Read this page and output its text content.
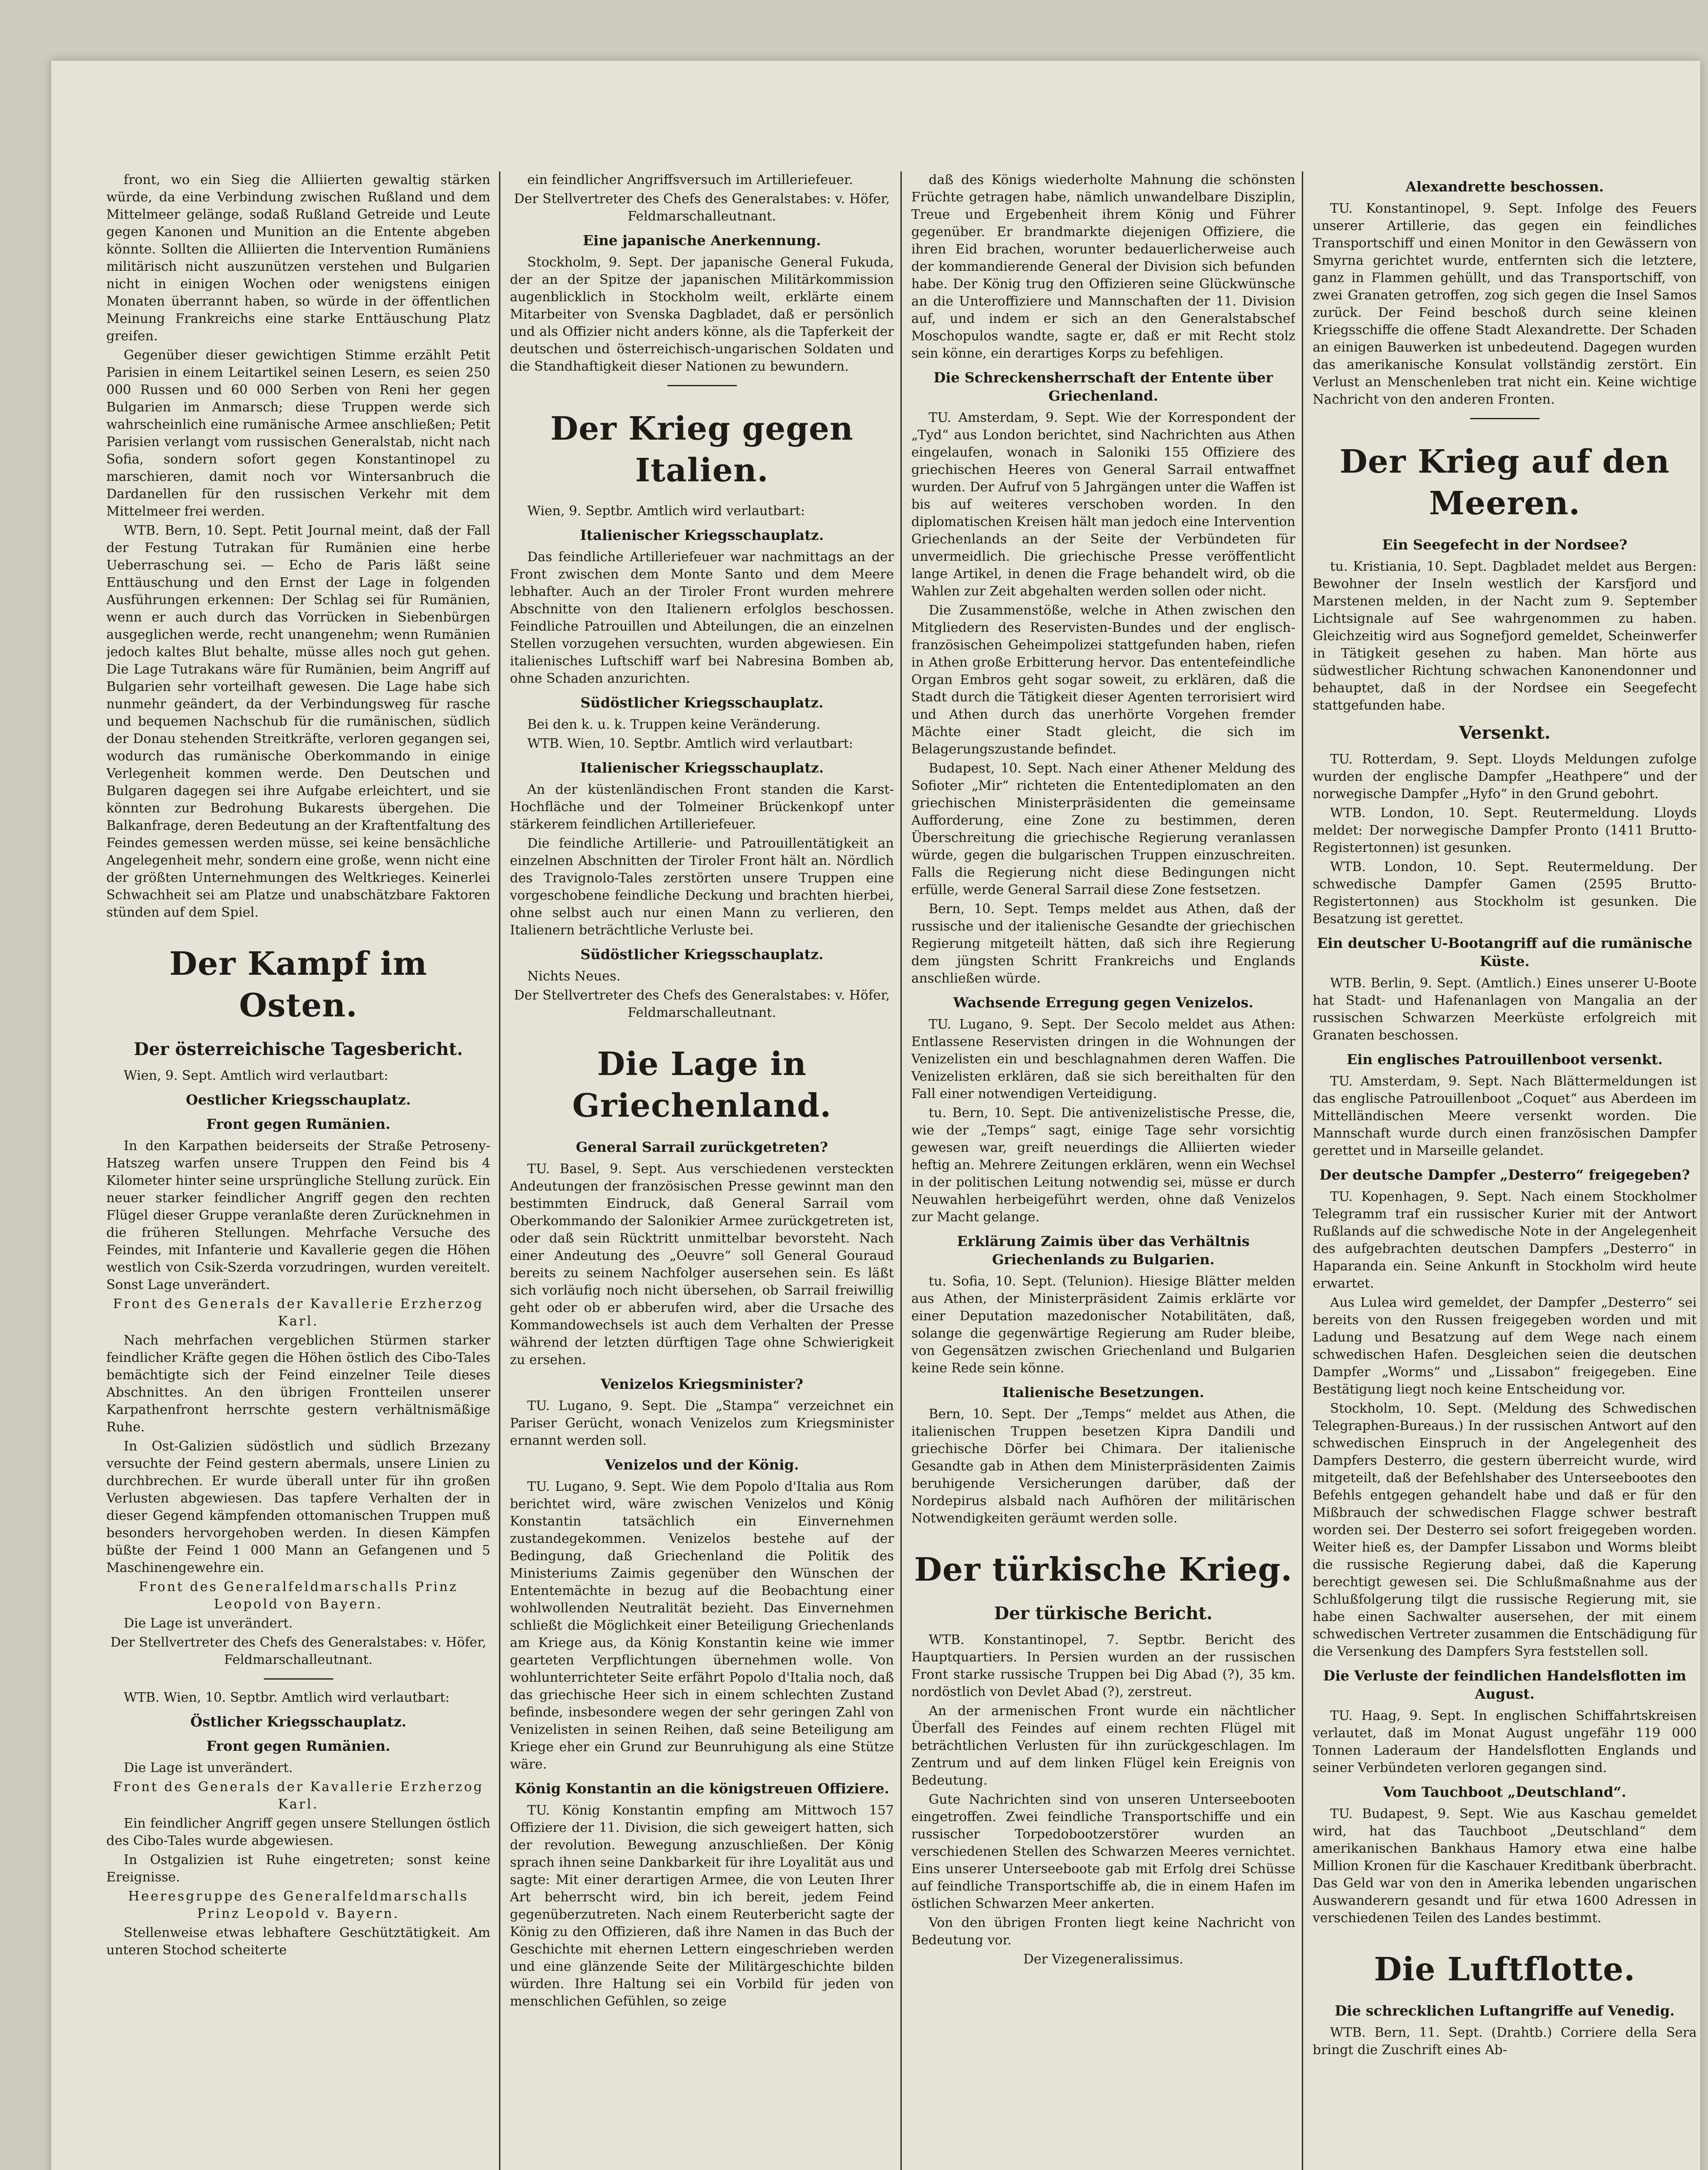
front, wo ein Sieg die Alliierten gewaltig stärken würde, da eine Verbindung zwischen Rußland und dem Mittelmeer gelänge, sodaß Rußland Getreide und Leute gegen Kanonen und Munition an die Entente abgeben könnte. Sollten die Alliierten die Intervention Rumäniens militärisch nicht auszunützen verstehen und Bulgarien nicht in einigen Wochen oder wenigstens einigen Monaten überrannt haben, so würde in der öffentlichen Meinung Frankreichs eine starke Enttäuschung Platz greifen.

Gegenüber dieser gewichtigen Stimme erzählt Petit Parisien in einem Leitartikel seinen Lesern, es seien 250 000 Russen und 60 000 Serben von Reni her gegen Bulgarien im Anmarsch; diese Truppen werde sich wahrscheinlich eine rumänische Armee anschließen; Petit Parisien verlangt vom russischen Generalstab, nicht nach Sofia, sondern sofort gegen Konstantinopel zu marschieren, damit noch vor Wintersanbruch die Dardanellen für den russischen Verkehr mit dem Mittelmeer frei werden.

WTB. Bern, 10. Sept. Petit Journal meint, daß der Fall der Festung Tutrakan für Rumänien eine herbe Ueberraschung sei. — Echo de Paris läßt seine Enttäuschung und den Ernst der Lage in folgenden Ausführungen erkennen: Der Schlag sei für Rumänien, wenn er auch durch das Vorrücken in Siebenbürgen ausgeglichen werde, recht unangenehm; wenn Rumänien jedoch kaltes Blut behalte, müsse alles noch gut gehen. Die Lage Tutrakans wäre für Rumänien, beim Angriff auf Bulgarien sehr vorteilhaft gewesen. Die Lage habe sich nunmehr geändert, da der Verbindungsweg für rasche und bequemen Nachschub für die rumänischen, südlich der Donau stehenden Streitkräfte, verloren gegangen sei, wodurch das rumänische Oberkommando in einige Verlegenheit kommen werde. Den Deutschen und Bulgaren dagegen sei ihre Aufgabe erleichtert, und sie könnten zur Bedrohung Bukarests übergehen. Die Balkanfrage, deren Bedeutung an der Kraftentfaltung des Feindes gemessen werden müsse, sei keine bensächliche Angelegenheit mehr, sondern eine große, wenn nicht eine der größten Unternehmungen des Weltkrieges. Keinerlei Schwachheit sei am Platze und unabschätzbare Faktoren stünden auf dem Spiel.

Der Kampf im Osten.
Der österreichische Tagesbericht.

Wien, 9. Sept. Amtlich wird verlautbart:

Oestlicher Kriegsschauplatz.
Front gegen Rumänien.

In den Karpathen beiderseits der Straße Petroseny-Hatszeg warfen unsere Truppen den Feind bis 4 Kilometer hinter seine ursprüngliche Stellung zurück. Ein neuer starker feindlicher Angriff gegen den rechten Flügel dieser Gruppe veranlaßte deren Zurücknehmen in die früheren Stellungen. Mehrfache Versuche des Feindes, mit Infanterie und Kavallerie gegen die Höhen westlich von Csik-Szerda vorzudringen, wurden vereitelt. Sonst Lage unverändert.

Front des Generals der Kavallerie Erzherzog Karl.

Nach mehrfachen vergeblichen Stürmen starker feindlicher Kräfte gegen die Höhen östlich des Cibo-Tales bemächtigte sich der Feind einzelner Teile dieses Abschnittes. An den übrigen Frontteilen unserer Karpathenfront herrschte gestern verhältnismäßige Ruhe.

In Ost-Galizien südöstlich und südlich Brzezany versuchte der Feind gestern abermals, unsere Linien zu durchbrechen. Er wurde überall unter für ihn großen Verlusten abgewiesen. Das tapfere Verhalten der in dieser Gegend kämpfenden ottomanischen Truppen muß besonders hervorgehoben werden. In diesen Kämpfen büßte der Feind 1 000 Mann an Gefangenen und 5 Maschinengewehre ein.

Front des Generalfeldmarschalls Prinz Leopold von Bayern.

Die Lage ist unverändert.

Der Stellvertreter des Chefs des Generalstabes: v. Höfer, Feldmarschalleutnant.

WTB. Wien, 10. Septbr. Amtlich wird verlautbart:

Östlicher Kriegsschauplatz.
Front gegen Rumänien.

Die Lage ist unverändert.

Front des Generals der Kavallerie Erzherzog Karl.

Ein feindlicher Angriff gegen unsere Stellungen östlich des Cibo-Tales wurde abgewiesen.

In Ostgalizien ist Ruhe eingetreten; sonst keine Ereignisse.

Heeresgruppe des Generalfeldmarschalls Prinz Leopold v. Bayern.

Stellenweise etwas lebhaftere Geschütztätigkeit. Am unteren Stochod scheiterte

ein feindlicher Angriffsversuch im Artilleriefeuer.

Der Stellvertreter des Chefs des Generalstabes: v. Höfer, Feldmarschalleutnant.

Eine japanische Anerkennung.

Stockholm, 9. Sept. Der japanische General Fukuda, der an der Spitze der japanischen Militärkommission augenblicklich in Stockholm weilt, erklärte einem Mitarbeiter von Svenska Dagbladet, daß er persönlich und als Offizier nicht anders könne, als die Tapferkeit der deutschen und österreichisch-ungarischen Soldaten und die Standhaftigkeit dieser Nationen zu bewundern.

Der Krieg gegen Italien.

Wien, 9. Septbr. Amtlich wird verlautbart:

Italienischer Kriegsschauplatz.

Das feindliche Artilleriefeuer war nachmittags an der Front zwischen dem Monte Santo und dem Meere lebhafter. Auch an der Tiroler Front wurden mehrere Abschnitte von den Italienern erfolglos beschossen. Feindliche Patrouillen und Abteilungen, die an einzelnen Stellen vorzugehen versuchten, wurden abgewiesen. Ein italienisches Luftschiff warf bei Nabresina Bomben ab, ohne Schaden anzurichten.

Südöstlicher Kriegsschauplatz.

Bei den k. u. k. Truppen keine Veränderung.

WTB. Wien, 10. Septbr. Amtlich wird verlautbart:

Italienischer Kriegsschauplatz.

An der küstenländischen Front standen die Karst-Hochfläche und der Tolmeiner Brückenkopf unter stärkerem feindlichen Artilleriefeuer.

Die feindliche Artillerie- und Patrouillentätigkeit an einzelnen Abschnitten der Tiroler Front hält an. Nördlich des Travignolo-Tales zerstörten unsere Truppen eine vorgeschobene feindliche Deckung und brachten hierbei, ohne selbst auch nur einen Mann zu verlieren, den Italienern beträchtliche Verluste bei.

Südöstlicher Kriegsschauplatz.

Nichts Neues.

Der Stellvertreter des Chefs des Generalstabes: v. Höfer, Feldmarschalleutnant.

Die Lage in Griechenland.
General Sarrail zurückgetreten?

TU. Basel, 9. Sept. Aus verschiedenen versteckten Andeutungen der französischen Presse gewinnt man den bestimmten Eindruck, daß General Sarrail vom Oberkommando der Salonikier Armee zurückgetreten ist, oder daß sein Rücktritt unmittelbar bevorsteht. Nach einer Andeutung des „Oeuvre“ soll General Gouraud bereits zu seinem Nachfolger ausersehen sein. Es läßt sich vorläufig noch nicht übersehen, ob Sarrail freiwillig geht oder ob er abberufen wird, aber die Ursache des Kommandowechsels ist auch dem Verhalten der Presse während der letzten dürftigen Tage ohne Schwierigkeit zu ersehen.

Venizelos Kriegsminister?

TU. Lugano, 9. Sept. Die „Stampa“ verzeichnet ein Pariser Gerücht, wonach Venizelos zum Kriegsminister ernannt werden soll.

Venizelos und der König.

TU. Lugano, 9. Sept. Wie dem Popolo d'Italia aus Rom berichtet wird, wäre zwischen Venizelos und König Konstantin tatsächlich ein Einvernehmen zustandegekommen. Venizelos bestehe auf der Bedingung, daß Griechenland die Politik des Ministeriums Zaimis gegenüber den Wünschen der Ententemächte in bezug auf die Beobachtung einer wohlwollenden Neutralität bezieht. Das Einvernehmen schließt die Möglichkeit einer Beteiligung Griechenlands am Kriege aus, da König Konstantin keine wie immer gearteten Verpflichtungen übernehmen wolle. Von wohlunterrichteter Seite erfährt Popolo d'Italia noch, daß das griechische Heer sich in einem schlechten Zustand befinde, insbesondere wegen der sehr geringen Zahl von Venizelisten in seinen Reihen, daß seine Beteiligung am Kriege eher ein Grund zur Beunruhigung als eine Stütze wäre.

König Konstantin an die königstreuen Offiziere.

TU. König Konstantin empfing am Mittwoch 157 Offiziere der 11. Division, die sich geweigert hatten, sich der revolution. Bewegung anzuschließen. Der König sprach ihnen seine Dankbarkeit für ihre Loyalität aus und sagte: Mit einer derartigen Armee, die von Leuten Ihrer Art beherrscht wird, bin ich bereit, jedem Feind gegenüberzutreten. Nach einem Reuterbericht sagte der König zu den Offizieren, daß ihre Namen in das Buch der Geschichte mit ehernen Lettern eingeschrieben werden und eine glänzende Seite der Militärgeschichte bilden würden. Ihre Haltung sei ein Vorbild für jeden von menschlichen Gefühlen, so zeige

daß des Königs wiederholte Mahnung die schönsten Früchte getragen habe, nämlich unwandelbare Disziplin, Treue und Ergebenheit ihrem König und Führer gegenüber. Er brandmarkte diejenigen Offiziere, die ihren Eid brachen, worunter bedauerlicherweise auch der kommandierende General der Division sich befunden habe. Der König trug den Offizieren seine Glückwünsche an die Unteroffiziere und Mannschaften der 11. Division auf, und indem er sich an den Generalstabschef Moschopulos wandte, sagte er, daß er mit Recht stolz sein könne, ein derartiges Korps zu befehligen.

Die Schreckensherrschaft der Entente über Griechenland.

TU. Amsterdam, 9. Sept. Wie der Korrespondent der „Tyd“ aus London berichtet, sind Nachrichten aus Athen eingelaufen, wonach in Saloniki 155 Offiziere des griechischen Heeres von General Sarrail entwaffnet wurden. Der Aufruf von 5 Jahrgängen unter die Waffen ist bis auf weiteres verschoben worden. In den diplomatischen Kreisen hält man jedoch eine Intervention Griechenlands an der Seite der Verbündeten für unvermeidlich. Die griechische Presse veröffentlicht lange Artikel, in denen die Frage behandelt wird, ob die Wahlen zur Zeit abgehalten werden sollen oder nicht.

Die Zusammenstöße, welche in Athen zwischen den Mitgliedern des Reservisten-Bundes und der englisch-französischen Geheimpolizei stattgefunden haben, riefen in Athen große Erbitterung hervor. Das ententefeindliche Organ Embros geht sogar soweit, zu erklären, daß die Stadt durch die Tätigkeit dieser Agenten terrorisiert wird und Athen durch das unerhörte Vorgehen fremder Mächte einer Stadt gleicht, die sich im Belagerungszustande befindet.

Budapest, 10. Sept. Nach einer Athener Meldung des Sofioter „Mir“ richteten die Ententediplomaten an den griechischen Ministerpräsidenten die gemeinsame Aufforderung, eine Zone zu bestimmen, deren Überschreitung die griechische Regierung veranlassen würde, gegen die bulgarischen Truppen einzuschreiten. Falls die Regierung nicht diese Bedingungen nicht erfülle, werde General Sarrail diese Zone festsetzen.

Bern, 10. Sept. Temps meldet aus Athen, daß der russische und der italienische Gesandte der griechischen Regierung mitgeteilt hätten, daß sich ihre Regierung dem jüngsten Schritt Frankreichs und Englands anschließen würde.

Wachsende Erregung gegen Venizelos.

TU. Lugano, 9. Sept. Der Secolo meldet aus Athen: Entlassene Reservisten dringen in die Wohnungen der Venizelisten ein und beschlagnahmen deren Waffen. Die Venizelisten erklären, daß sie sich bereithalten für den Fall einer notwendigen Verteidigung.

tu. Bern, 10. Sept. Die antivenizelistische Presse, die, wie der „Temps“ sagt, einige Tage sehr vorsichtig gewesen war, greift neuerdings die Alliierten wieder heftig an. Mehrere Zeitungen erklären, wenn ein Wechsel in der politischen Leitung notwendig sei, müsse er durch Neuwahlen herbeigeführt werden, ohne daß Venizelos zur Macht gelange.

Erklärung Zaimis über das Verhältnis Griechenlands zu Bulgarien.

tu. Sofia, 10. Sept. (Telunion). Hiesige Blätter melden aus Athen, der Ministerpräsident Zaimis erklärte vor einer Deputation mazedonischer Notabilitäten, daß, solange die gegenwärtige Regierung am Ruder bleibe, von Gegensätzen zwischen Griechenland und Bulgarien keine Rede sein könne.

Italienische Besetzungen.

Bern, 10. Sept. Der „Temps“ meldet aus Athen, die italienischen Truppen besetzen Kipra Dandili und griechische Dörfer bei Chimara. Der italienische Gesandte gab in Athen dem Ministerpräsidenten Zaimis beruhigende Versicherungen darüber, daß der Nordepirus alsbald nach Aufhören der militärischen Notwendigkeiten geräumt werden solle.

Der türkische Krieg.
Der türkische Bericht.

WTB. Konstantinopel, 7. Septbr. Bericht des Hauptquartiers. In Persien wurden an der russischen Front starke russische Truppen bei Dig Abad (?), 35 km. nordöstlich von Devlet Abad (?), zerstreut.

An der armenischen Front wurde ein nächtlicher Überfall des Feindes auf einem rechten Flügel mit beträchtlichen Verlusten für ihn zurückgeschlagen. Im Zentrum und auf dem linken Flügel kein Ereignis von Bedeutung.

Gute Nachrichten sind von unseren Unterseebooten eingetroffen. Zwei feindliche Transportschiffe und ein russischer Torpedobootzerstörer wurden an verschiedenen Stellen des Schwarzen Meeres vernichtet. Eins unserer Unterseeboote gab mit Erfolg drei Schüsse auf feindliche Transportschiffe ab, die in einem Hafen im östlichen Schwarzen Meer ankerten.

Von den übrigen Fronten liegt keine Nachricht von Bedeutung vor.

Der Vizegeneralissimus.

Alexandrette beschossen.

TU. Konstantinopel, 9. Sept. Infolge des Feuers unserer Artillerie, das gegen ein feindliches Transportschiff und einen Monitor in den Gewässern von Smyrna gerichtet wurde, entfernten sich die letztere, ganz in Flammen gehüllt, und das Transportschiff, von zwei Granaten getroffen, zog sich gegen die Insel Samos zurück. Der Feind beschoß durch seine kleinen Kriegsschiffe die offene Stadt Alexandrette. Der Schaden an einigen Bauwerken ist unbedeutend. Dagegen wurden das amerikanische Konsulat vollständig zerstört. Ein Verlust an Menschenleben trat nicht ein. Keine wichtige Nachricht von den anderen Fronten.

Der Krieg auf den Meeren.
Ein Seegefecht in der Nordsee?

tu. Kristiania, 10. Sept. Dagbladet meldet aus Bergen: Bewohner der Inseln westlich der Karsfjord und Marstenen melden, in der Nacht zum 9. September Lichtsignale auf See wahrgenommen zu haben. Gleichzeitig wird aus Sognefjord gemeldet, Scheinwerfer in Tätigkeit gesehen zu haben. Man hörte aus südwestlicher Richtung schwachen Kanonendonner und behauptet, daß in der Nordsee ein Seegefecht stattgefunden habe.

Versenkt.

TU. Rotterdam, 9. Sept. Lloyds Meldungen zufolge wurden der englische Dampfer „Heathpere“ und der norwegische Dampfer „Hyfo“ in den Grund gebohrt.

WTB. London, 10. Sept. Reutermeldung. Lloyds meldet: Der norwegische Dampfer Pronto (1411 Brutto-Registertonnen) ist gesunken.

WTB. London, 10. Sept. Reutermeldung. Der schwedische Dampfer Gamen (2595 Brutto-Registertonnen) aus Stockholm ist gesunken. Die Besatzung ist gerettet.

Ein deutscher U-Bootangriff auf die rumänische Küste.

WTB. Berlin, 9. Sept. (Amtlich.) Eines unserer U-Boote hat Stadt- und Hafenanlagen von Mangalia an der russischen Schwarzen Meerküste erfolgreich mit Granaten beschossen.

Ein englisches Patrouillenboot versenkt.

TU. Amsterdam, 9. Sept. Nach Blättermeldungen ist das englische Patrouillenboot „Coquet“ aus Aberdeen im Mittelländischen Meere versenkt worden. Die Mannschaft wurde durch einen französischen Dampfer gerettet und in Marseille gelandet.

Der deutsche Dampfer „Desterro“ freigegeben?

TU. Kopenhagen, 9. Sept. Nach einem Stockholmer Telegramm traf ein russischer Kurier mit der Antwort Rußlands auf die schwedische Note in der Angelegenheit des aufgebrachten deutschen Dampfers „Desterro“ in Haparanda ein. Seine Ankunft in Stockholm wird heute erwartet.

Aus Lulea wird gemeldet, der Dampfer „Desterro“ sei bereits von den Russen freigegeben worden und mit Ladung und Besatzung auf dem Wege nach einem schwedischen Hafen. Desgleichen seien die deutschen Dampfer „Worms“ und „Lissabon“ freigegeben. Eine Bestätigung liegt noch keine Entscheidung vor.

Stockholm, 10. Sept. (Meldung des Schwedischen Telegraphen-Bureaus.) In der russischen Antwort auf den schwedischen Einspruch in der Angelegenheit des Dampfers Desterro, die gestern überreicht wurde, wird mitgeteilt, daß der Befehlshaber des Unterseebootes den Befehls entgegen gehandelt habe und daß er für den Mißbrauch der schwedischen Flagge schwer bestraft worden sei. Der Desterro sei sofort freigegeben worden. Weiter hieß es, der Dampfer Lissabon und Worms bleibt die russische Regierung dabei, daß die Kaperung berechtigt gewesen sei. Die Schlußmaßnahme aus der Schlußfolgerung tilgt die russische Regierung mit, sie habe einen Sachwalter ausersehen, der mit einem schwedischen Vertreter zusammen die Entschädigung für die Versenkung des Dampfers Syra feststellen soll.

Die Verluste der feindlichen Handelsflotten im August.

TU. Haag, 9. Sept. In englischen Schiffahrtskreisen verlautet, daß im Monat August ungefähr 119 000 Tonnen Laderaum der Handelsflotten Englands und seiner Verbündeten verloren gegangen sind.

Vom Tauchboot „Deutschland“.

TU. Budapest, 9. Sept. Wie aus Kaschau gemeldet wird, hat das Tauchboot „Deutschland“ dem amerikanischen Bankhaus Hamory etwa eine halbe Million Kronen für die Kaschauer Kreditbank überbracht. Das Geld war von den in Amerika lebenden ungarischen Auswanderern gesandt und für etwa 1600 Adressen in verschiedenen Teilen des Landes bestimmt.

Die Luftflotte.
Die schrecklichen Luftangriffe auf Venedig.

WTB. Bern, 11. Sept. (Drahtb.) Corriere della Sera bringt die Zuschrift eines Ab-
